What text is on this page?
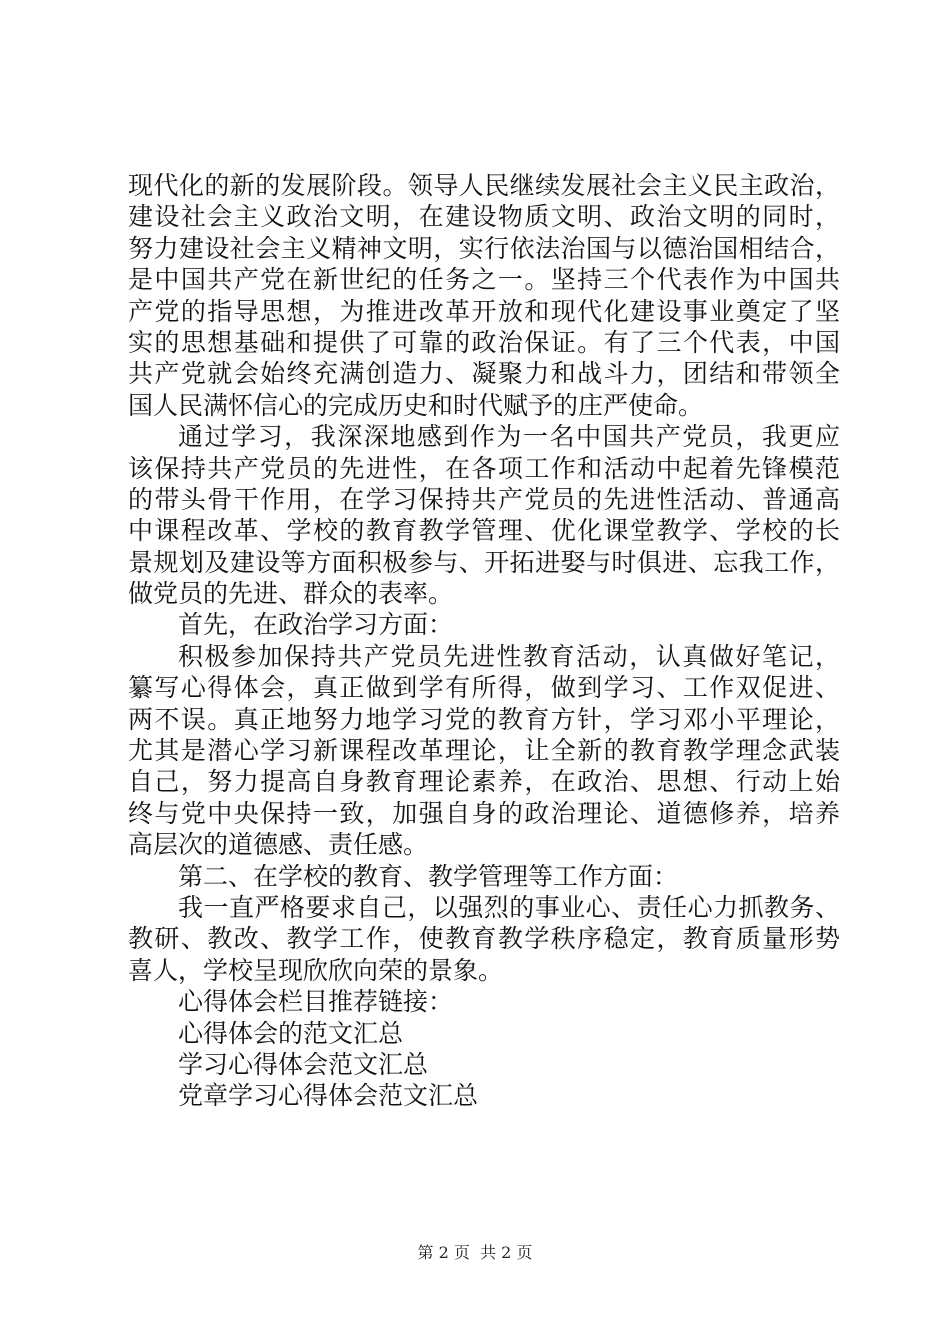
现代化的新的发展阶段。领导人民继续发展社会主义民主政治，
建设社会主义政治文明，在建设物质文明、政治文明的同时，
努力建设社会主义精神文明，实行依法治国与以德治国相结合，
是中国共产党在新世纪的任务之一。坚持三个代表作为中国共
产党的指导思想，为推进改革开放和现代化建设事业奠定了坚
实的思想基础和提供了可靠的政治保证。有了三个代表，中国
共产党就会始终充满创造力、凝聚力和战斗力，团结和带领全
国人民满怀信心的完成历史和时代赋予的庄严使命。
通过学习，我深深地感到作为一名中国共产党员，我更应
该保持共产党员的先进性，在各项工作和活动中起着先锋模范
的带头骨干作用，在学习保持共产党员的先进性活动、普通高
中课程改革、学校的教育教学管理、优化课堂教学、学校的长
景规划及建设等方面积极参与、开拓进娶与时俱进、忘我工作，
做党员的先进、群众的表率。
首先，在政治学习方面：
积极参加保持共产党员先进性教育活动，认真做好笔记，
纂写心得体会，真正做到学有所得，做到学习、工作双促进、
两不误。真正地努力地学习党的教育方针，学习邓小平理论，
尤其是潜心学习新课程改革理论，让全新的教育教学理念武装
自己，努力提高自身教育理论素养，在政治、思想、行动上始
终与党中央保持一致，加强自身的政治理论、道德修养，培养
高层次的道德感、责任感。
第二、在学校的教育、教学管理等工作方面：
我一直严格要求自己，以强烈的事业心、责任心力抓教务、
教研、教改、教学工作，使教育教学秩序稳定，教育质量形势
喜人，学校呈现欣欣向荣的景象。
心得体会栏目推荐链接：
心得体会的范文汇总
学习心得体会范文汇总
党章学习心得体会范文汇总
第 2 页  共 2 页
